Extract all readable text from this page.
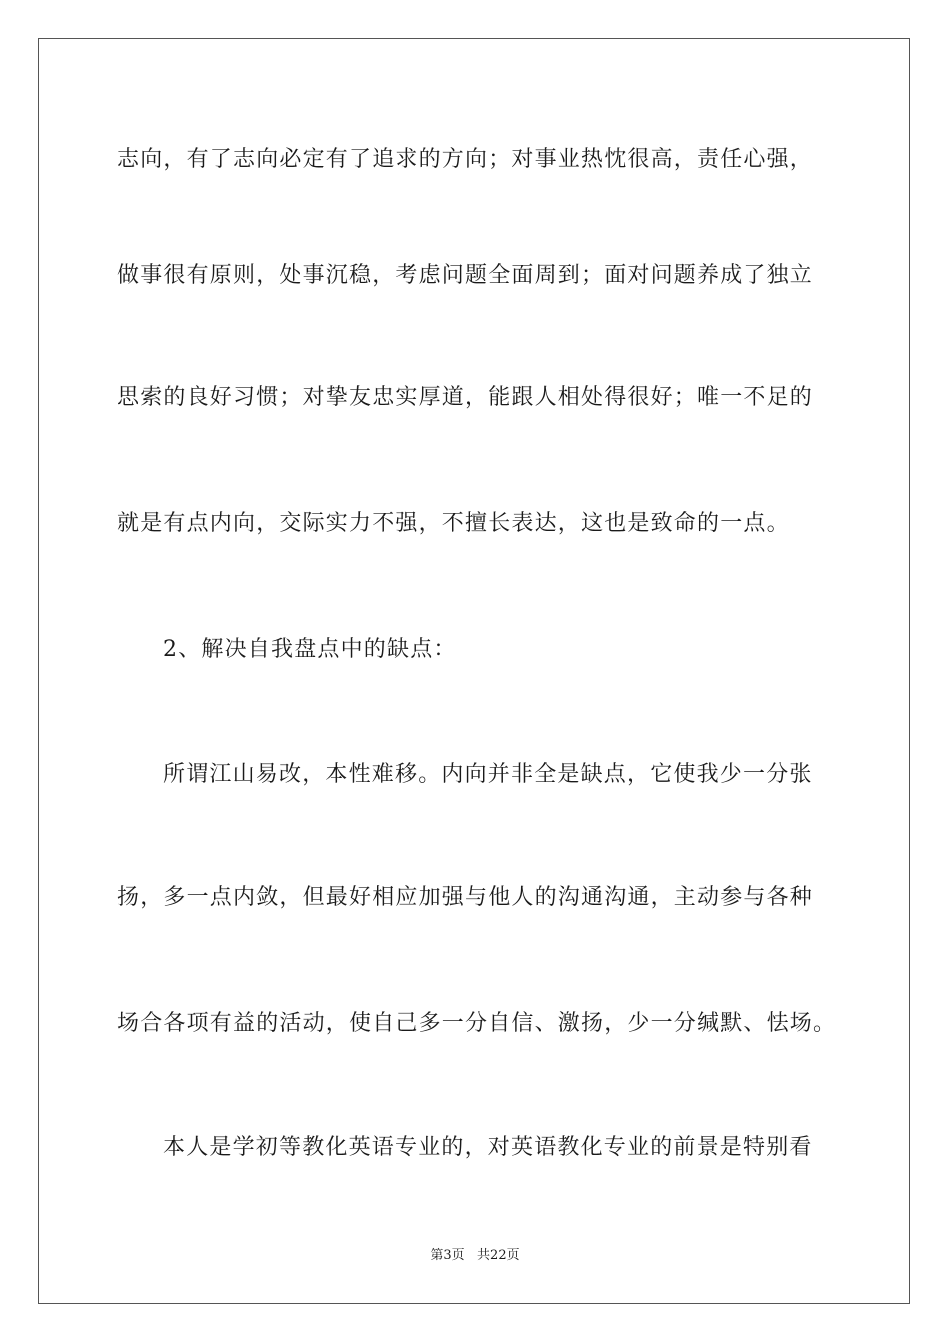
志向，有了志向必定有了追求的方向；对事业热忱很高，责任心强，
做事很有原则，处事沉稳，考虑问题全面周到；面对问题养成了独立
思索的良好习惯；对挚友忠实厚道，能跟人相处得很好；唯一不足的
就是有点内向，交际实力不强，不擅长表达，这也是致命的一点。
2、解决自我盘点中的缺点：
所谓江山易改，本性难移。内向并非全是缺点，它使我少一分张
扬，多一点内敛，但最好相应加强与他人的沟通沟通，主动参与各种
场合各项有益的活动，使自己多一分自信、激扬，少一分缄默、怯场。
本人是学初等教化英语专业的，对英语教化专业的前景是特别看
第3页   共22页
